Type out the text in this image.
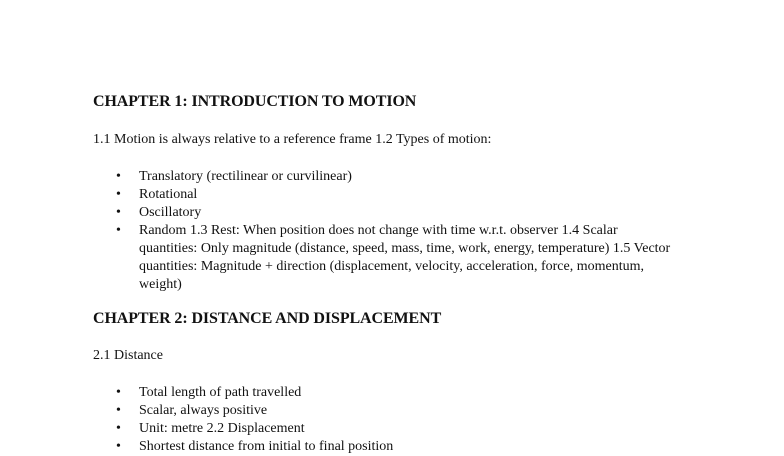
CHAPTER 1: INTRODUCTION TO MOTION

1.1 Motion is always relative to a reference frame 1.2 Types of motion:

• Translatory (rectilinear or curvilinear)
• Rotational
• Oscillatory
• Random 1.3 Rest: When position does not change with time w.r.t. observer 1.4 Scalar quantities: Only magnitude (distance, speed, mass, time, work, energy, temperature) 1.5 Vector quantities: Magnitude + direction (displacement, velocity, acceleration, force, momentum, weight)
CHAPTER 2: DISTANCE AND DISPLACEMENT

2.1 Distance

• Total length of path travelled
• Scalar, always positive
• Unit: metre 2.2 Displacement
• Shortest distance from initial to final position
